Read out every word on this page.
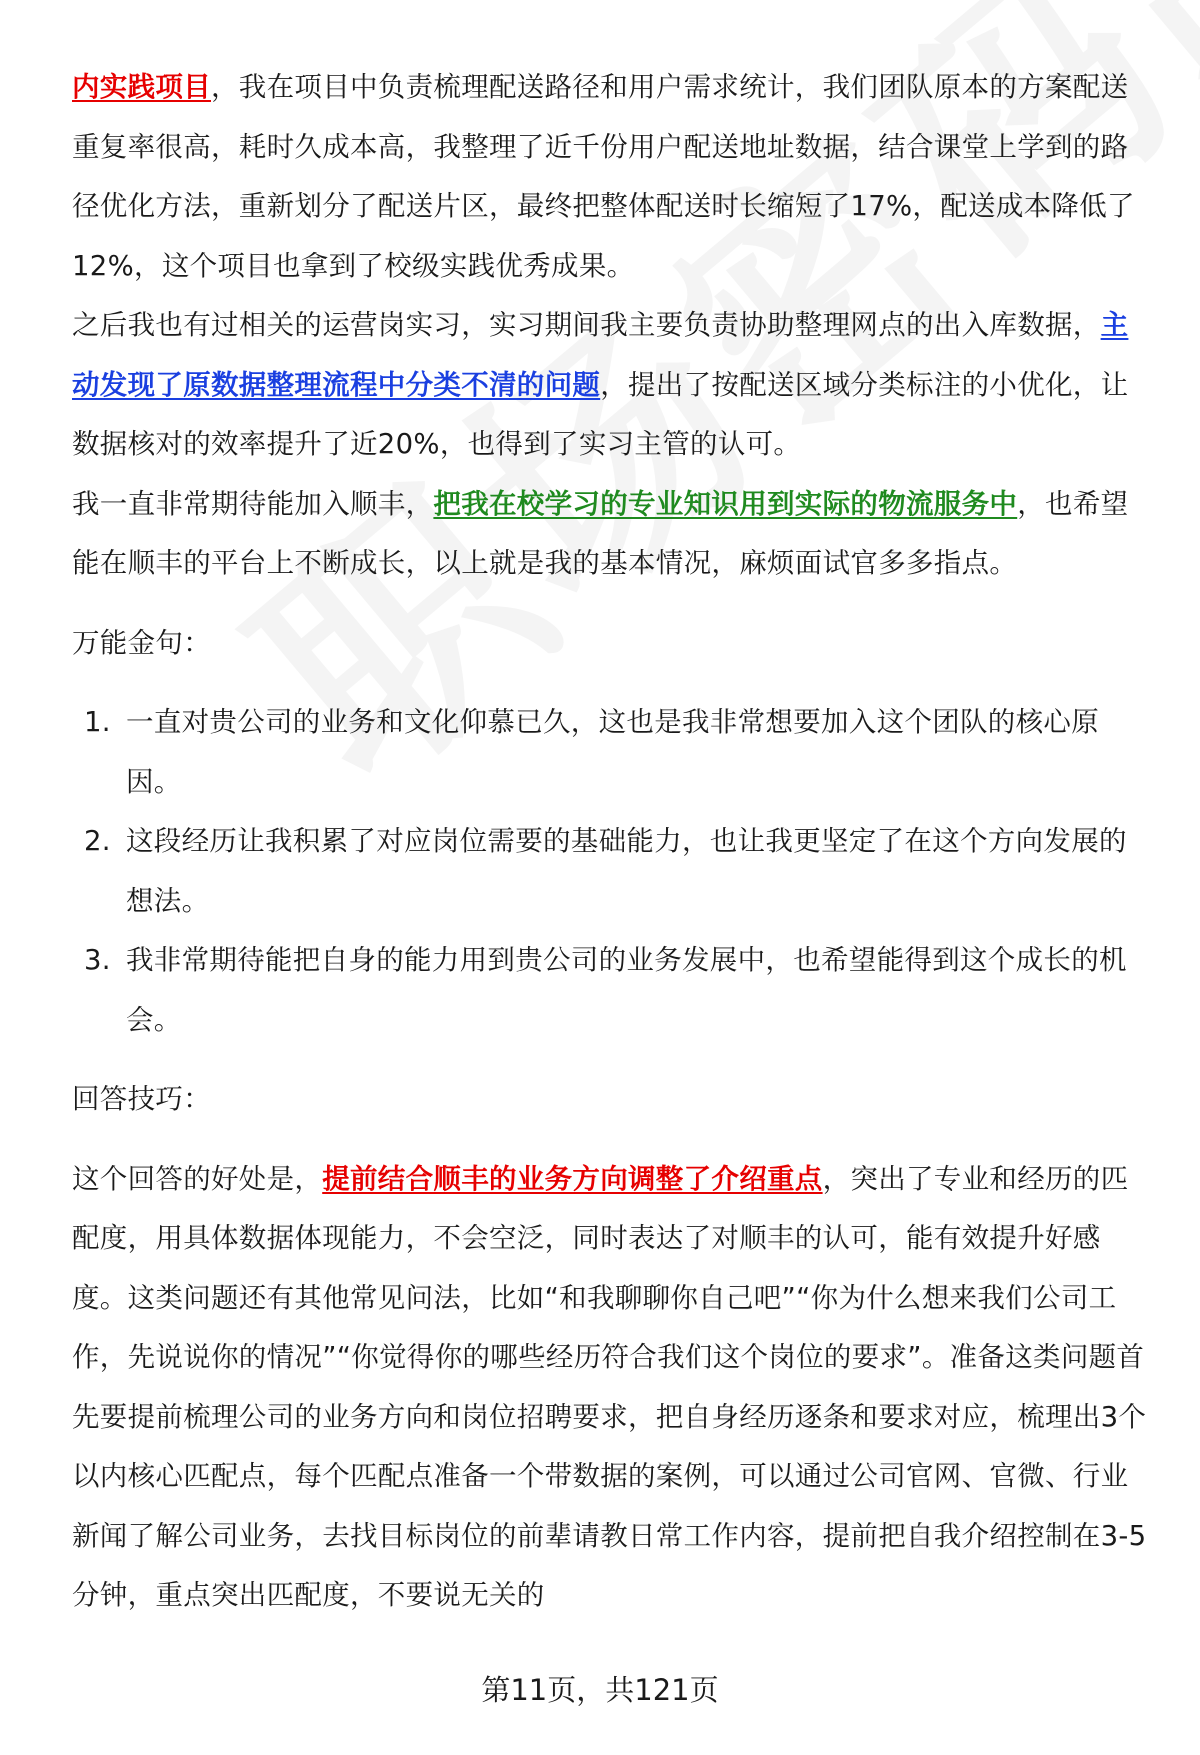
内实践项目，我在项目中负责梳理配送路径和用户需求统计，我们团队原本的方案配送重复率很高，耗时久成本高，我整理了近千份用户配送地址数据，结合课堂上学到的路径优化方法，重新划分了配送片区，最终把整体配送时长缩短了17%，配送成本降低了12%，这个项目也拿到了校级实践优秀成果。

之后我也有过相关的运营岗实习，实习期间我主要负责协助整理网点的出入库数据，主动发现了原数据整理流程中分类不清的问题，提出了按配送区域分类标注的小优化，让数据核对的效率提升了近20%，也得到了实习主管的认可。

我一直非常期待能加入顺丰，把我在校学习的专业知识用到实际的物流服务中，也希望能在顺丰的平台上不断成长，以上就是我的基本情况，麻烦面试官多多指点。

万能金句：

1. 一直对贵公司的业务和文化仰慕已久，这也是我非常想要加入这个团队的核心原因。
2. 这段经历让我积累了对应岗位需要的基础能力，也让我更坚定了在这个方向发展的想法。
3. 我非常期待能把自身的能力用到贵公司的业务发展中，也希望能得到这个成长的机会。

回答技巧：

这个回答的好处是，提前结合顺丰的业务方向调整了介绍重点，突出了专业和经历的匹配度，用具体数据体现能力，不会空泛，同时表达了对顺丰的认可，能有效提升好感度。这类问题还有其他常见问法，比如“和我聊聊你自己吧”“你为什么想来我们公司工作，先说说你的情况”“你觉得你的哪些经历符合我们这个岗位的要求”。准备这类问题首先要提前梳理公司的业务方向和岗位招聘要求，把自身经历逐条和要求对应，梳理出3个以内核心匹配点，每个匹配点准备一个带数据的案例，可以通过公司官网、官微、行业新闻了解公司业务，去找目标岗位的前辈请教日常工作内容，提前把自我介绍控制在3-5分钟，重点突出匹配度，不要说无关的

第11页，共121页
